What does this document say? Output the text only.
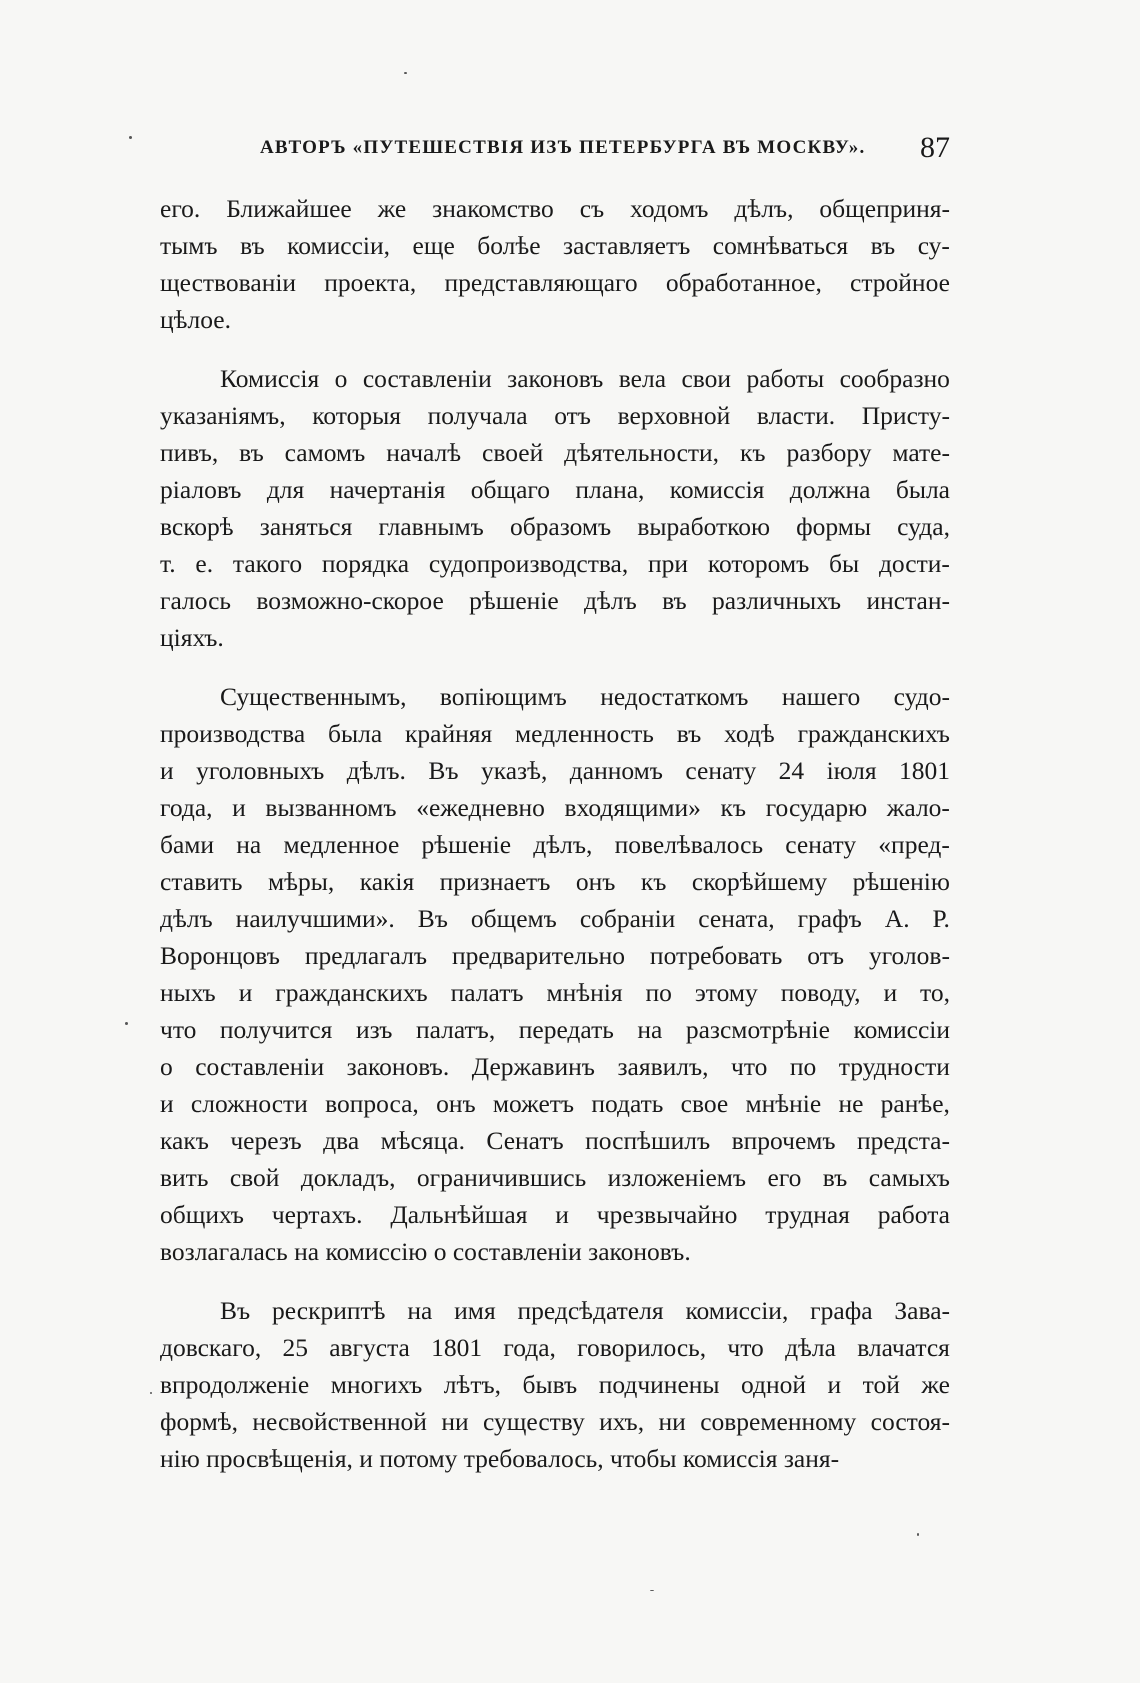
АВТОРЪ «ПУТЕШЕСТВІЯ ИЗЪ ПЕТЕРБУРГА ВЪ МОСКВУ». 87
его. Ближайшее же знакомство съ ходомъ дѣлъ, общеприня-
тымъ въ комиссіи, еще болѣе заставляетъ сомнѣваться въ су-
ществованіи проекта, представляющаго обработанное, стройное
цѣлое.
Комиссія о составленіи законовъ вела свои работы сообразно
указаніямъ, которыя получала отъ верховной власти. Присту-
пивъ, въ самомъ началѣ своей дѣятельности, къ разбору мате-
ріаловъ для начертанія общаго плана, комиссія должна была
вскорѣ заняться главнымъ образомъ выработкою формы суда,
т. е. такого порядка судопроизводства, при которомъ бы дости-
галось возможно-скорое рѣшеніе дѣлъ въ различныхъ инстан-
ціяхъ.
Существеннымъ, вопіющимъ недостаткомъ нашего судо-
производства была крайняя медленность въ ходѣ гражданскихъ
и уголовныхъ дѣлъ. Въ указѣ, данномъ сенату 24 іюля 1801
года, и вызванномъ «ежедневно входящими» къ государю жало-
бами на медленное рѣшеніе дѣлъ, повелѣвалось сенату «пред-
ставить мѣры, какія признаетъ онъ къ скорѣйшему рѣшенію
дѣлъ наилучшими». Въ общемъ собраніи сената, графъ А. Р.
Воронцовъ предлагалъ предварительно потребовать отъ уголов-
ныхъ и гражданскихъ палатъ мнѣнія по этому поводу, и то,
что получится изъ палатъ, передать на разсмотрѣніе комиссіи
о составленіи законовъ. Державинъ заявилъ, что по трудности
и сложности вопроса, онъ можетъ подать свое мнѣніе не ранѣе,
какъ черезъ два мѣсяца. Сенатъ поспѣшилъ впрочемъ предста-
вить свой докладъ, ограничившись изложеніемъ его въ самыхъ
общихъ чертахъ. Дальнѣйшая и чрезвычайно трудная работа
возлагалась на комиссію о составленіи законовъ.
Въ рескриптѣ на имя предсѣдателя комиссіи, графа Зава-
довскаго, 25 августа 1801 года, говорилось, что дѣла влачатся
впродолженіе многихъ лѣтъ, бывъ подчинены одной и той же
формѣ, несвойственной ни существу ихъ, ни современному состоя-
нію просвѣщенія, и потому требовалось, чтобы комиссія заня-
